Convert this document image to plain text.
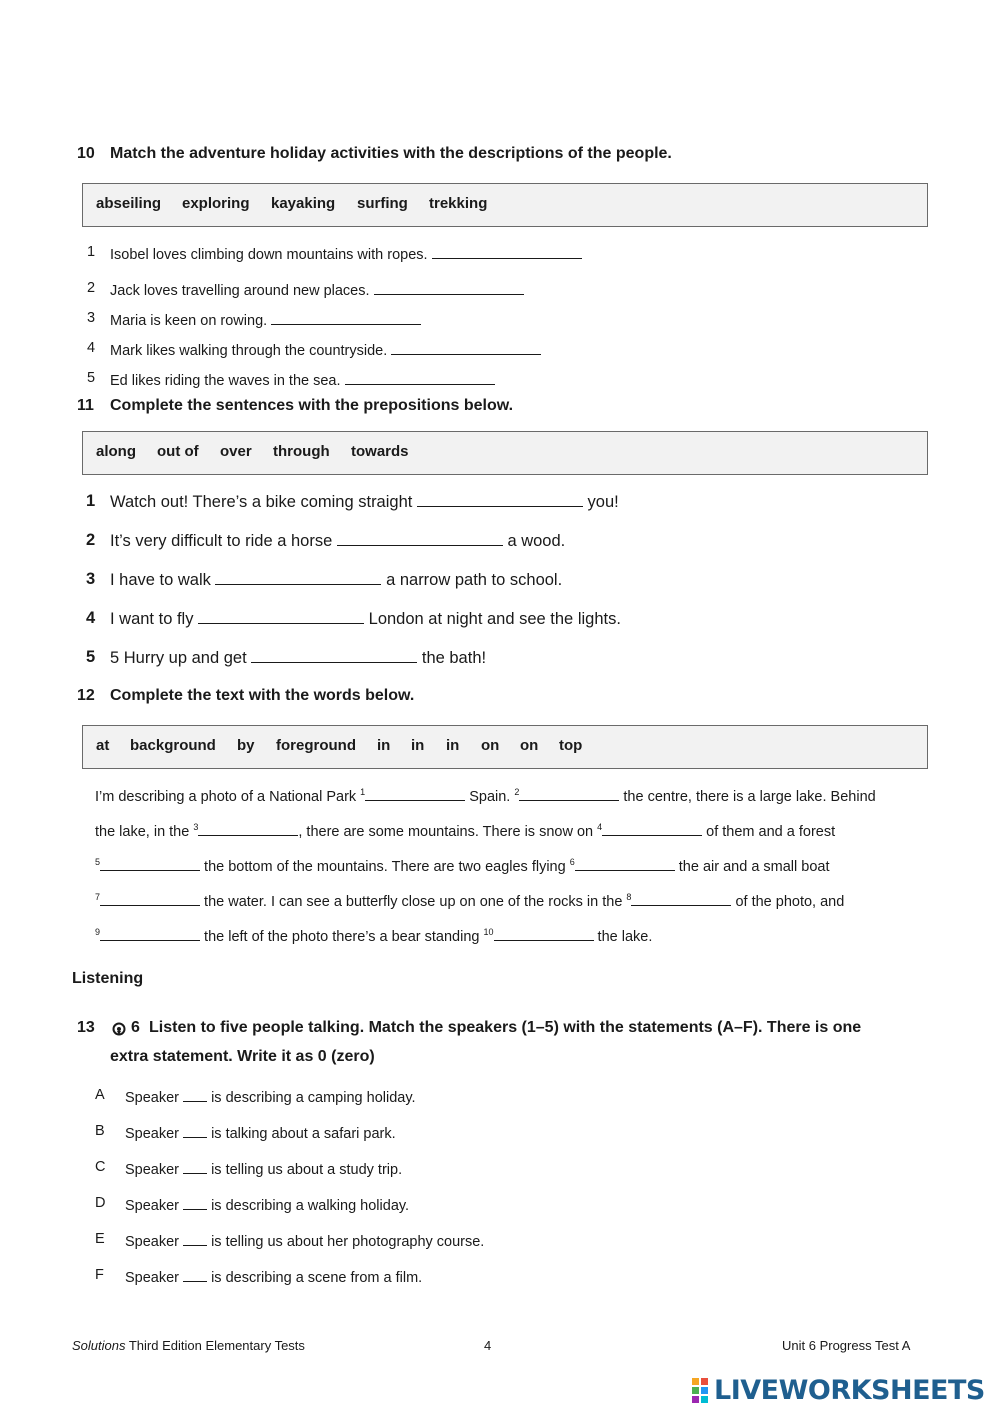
10 Match the adventure holiday activities with the descriptions of the people.
abseiling exploring kayaking surfing trekking
1 Isobel loves climbing down mountains with ropes.
2 Jack loves travelling around new places.
3 Maria is keen on rowing.
4 Mark likes walking through the countryside.
5 Ed likes riding the waves in the sea.
11 Complete the sentences with the prepositions below.
along out of over through towards
1 Watch out! There’s a bike coming straight	you!
2 It’s very difficult to ride a horse	a wood.
3 I have to walk	a narrow path to school.
4 I want to fly	London at night and see the lights.
5 5 Hurry up and get	the bath!
12 Complete the text with the words below.
at background by foreground in in in on on top
I’m describing a photo of a National Park $^1$	Spain. $^2$	the centre, there is a large lake. Behind
the lake, in the $^3$	, there are some mountains. There is snow on $^4$	of them and a forest
$^5$	the bottom of the mountains. There are two eagles flying $^6$	the air and a small boat
$^7$	the water. I can see a butterfly close up on one of the rocks in the $^8$	of the photo, and
$^9$	the left of the photo there’s a bear standing $^{10}$	the lake.
Listening
13 6 Listen to five people talking. Match the speakers (1–5) with the statements (A–F). There is one
extra statement. Write it as 0 (zero)
A Speaker is describing a camping holiday.
B Speaker is talking about a safari park.
C Speaker is telling us about a study trip.
D Speaker is describing a walking holiday.
E Speaker is telling us about her photography course.
F Speaker is describing a scene from a film.
Solutions Third Edition Elementary Tests	4	Unit 6 Progress Test A
LIVEWORKSHEETS
